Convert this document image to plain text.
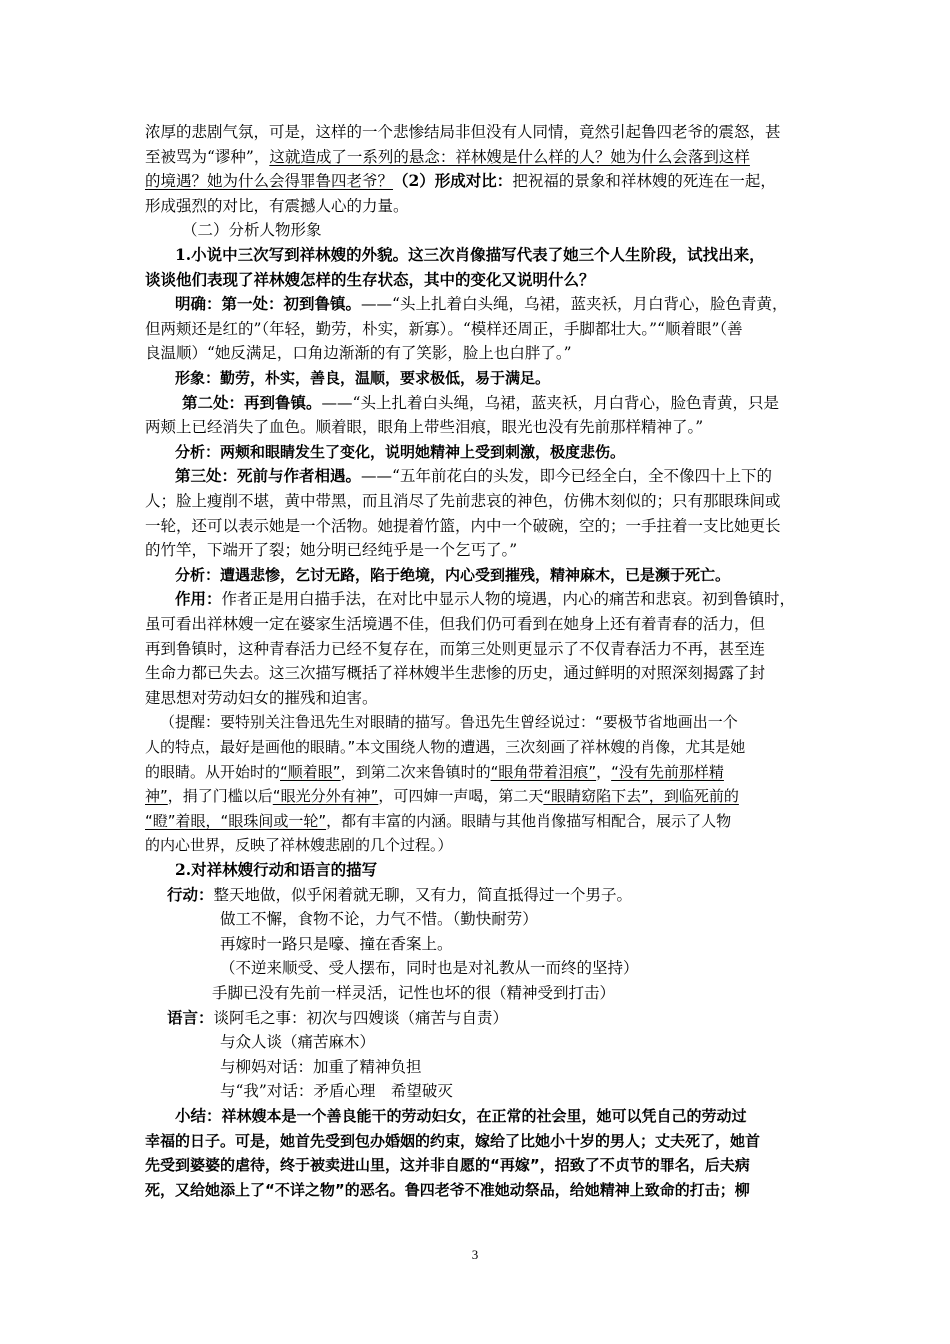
浓厚的悲剧气氛，可是，这样的一个悲惨结局非但没有人同情，竟然引起鲁四老爷的震怒，甚
至被骂为“谬种”，这就造成了一系列的悬念：祥林嫂是什么样的人？她为什么会落到这样
的境遇？她为什么会得罪鲁四老爷？（2）形成对比：把祝福的景象和祥林嫂的死连在一起，
形成强烈的对比，有震撼人心的力量。
（二）分析人物形象
1.小说中三次写到祥林嫂的外貌。这三次肖像描写代表了她三个人生阶段，试找出来，
谈谈他们表现了祥林嫂怎样的生存状态，其中的变化又说明什么？
明确：第一处：初到鲁镇。——“头上扎着白头绳，乌裙，蓝夹袄，月白背心，脸色青黄，
但两颊还是红的”（年轻，勤劳，朴实，新寡）。“模样还周正，手脚都壮大。”“顺着眼”（善
良温顺）“她反满足，口角边渐渐的有了笑影，脸上也白胖了。”
形象：勤劳，朴实，善良，温顺，要求极低，易于满足。
第二处：再到鲁镇。——“头上扎着白头绳，乌裙，蓝夹袄，月白背心，脸色青黄，只是
两颊上已经消失了血色。顺着眼，眼角上带些泪痕，眼光也没有先前那样精神了。”
分析：两颊和眼睛发生了变化，说明她精神上受到刺激，极度悲伤。
第三处：死前与作者相遇。——“五年前花白的头发，即今已经全白，全不像四十上下的
人；脸上瘦削不堪，黄中带黑，而且消尽了先前悲哀的神色，仿佛木刻似的；只有那眼珠间或
一轮，还可以表示她是一个活物。她提着竹篮，内中一个破碗，空的；一手拄着一支比她更长
的竹竿，下端开了裂；她分明已经纯乎是一个乞丐了。”
分析：遭遇悲惨，乞讨无路，陷于绝境，内心受到摧残，精神麻木，已是濒于死亡。
作用：作者正是用白描手法，在对比中显示人物的境遇，内心的痛苦和悲哀。初到鲁镇时，
虽可看出祥林嫂一定在婆家生活境遇不佳，但我们仍可看到在她身上还有着青春的活力，但
再到鲁镇时，这种青春活力已经不复存在，而第三处则更显示了不仅青春活力不再，甚至连
生命力都已失去。这三次描写概括了祥林嫂半生悲惨的历史，通过鲜明的对照深刻揭露了封
建思想对劳动妇女的摧残和迫害。
（提醒：要特别关注鲁迅先生对眼睛的描写。鲁迅先生曾经说过：“要极节省地画出一个
人的特点，最好是画他的眼睛。”本文围绕人物的遭遇，三次刻画了祥林嫂的肖像，尤其是她
的眼睛。从开始时的“顺着眼”，到第二次来鲁镇时的“眼角带着泪痕”，“没有先前那样精
神”，捐了门槛以后“眼光分外有神”，可四婶一声喝，第二天“眼睛窈陷下去”，到临死前的
“瞪”着眼，“眼珠间或一轮”，都有丰富的内涵。眼睛与其他肖像描写相配合，展示了人物
的内心世界，反映了祥林嫂悲剧的几个过程。）
2.对祥林嫂行动和语言的描写
行动：整天地做，似乎闲着就无聊，又有力，简直抵得过一个男子。
做工不懈，食物不论，力气不惜。（勤快耐劳）
再嫁时一路只是嚎、撞在香案上。
（不逆来顺受、受人摆布，同时也是对礼教从一而终的坚持）
手脚已没有先前一样灵活，记性也坏的很（精神受到打击）
语言：谈阿毛之事：初次与四嫂谈（痛苦与自责）
与众人谈（痛苦麻木）
与柳妈对话：加重了精神负担
与“我”对话：矛盾心理　希望破灭
小结：祥林嫂本是一个善良能干的劳动妇女，在正常的社会里，她可以凭自己的劳动过
幸福的日子。可是，她首先受到包办婚姻的约束，嫁给了比她小十岁的男人；丈夫死了，她首
先受到婆婆的虐待，终于被卖进山里，这并非自愿的“再嫁”，招致了不贞节的罪名，后夫病
死，又给她添上了“不详之物”的恶名。鲁四老爷不准她动祭品，给她精神上致命的打击；柳
3
